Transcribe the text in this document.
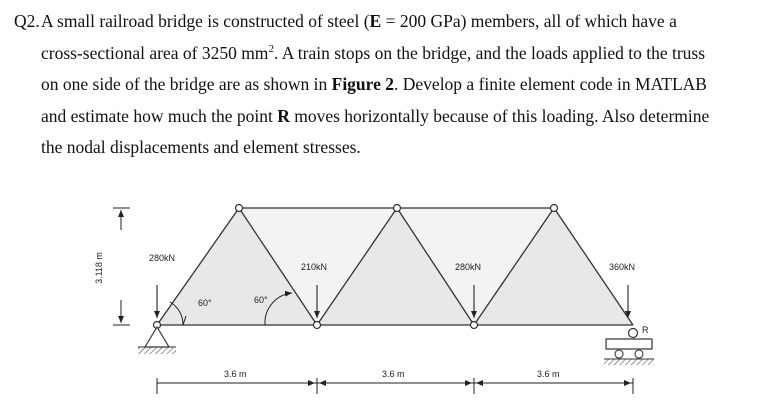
Q2. A small railroad bridge is constructed of steel (E = 200 GPa) members, all of which have a
cross-sectional area of 3250 $mm^2$. A train stops on the bridge, and the loads applied to the truss
on one side of the bridge are as shown in Figure 2. Develop a finite element code in MATLAB
and estimate how much the point R moves horizontally because of this loading. Also determine
the nodal displacements and element stresses.
R
3.118 m	280kN
210kN	280kN	360kN
60°	60°
3.6 m	3.6 m	3.6 m
